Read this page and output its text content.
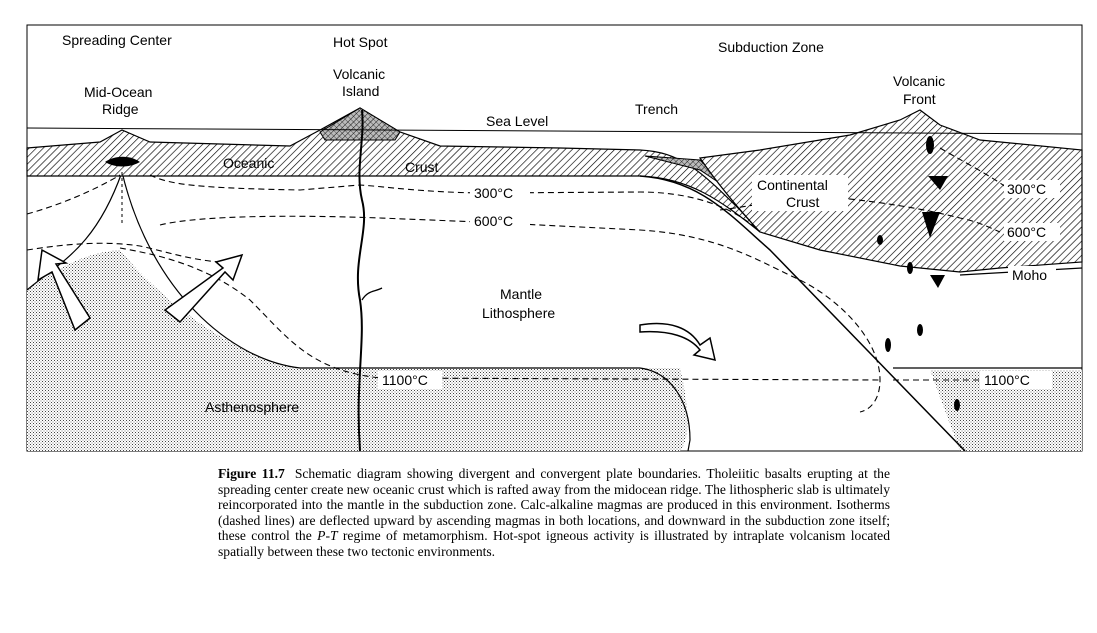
Spreading Center
Mid-Ocean
Ridge
Hot Spot
Volcanic
Island
Subduction Zone
Volcanic
Front
Sea Level
Trench
Oceanic	Crust
Continental
Crust
300°C
600°C
300°C
600°C
Moho
Mantle
Lithosphere
1100°C	1100°C
Asthenosphere
Figure 11.7 Schematic diagram showing divergent and convergent plate boundaries. Tholeiitic basalts erupting at the spreading center create new oceanic crust which is rafted away from the midocean ridge. The lithospheric slab is ultimately reincorporated into the mantle in the subduction zone. Calc-alkaline magmas are produced in this environment. Isotherms (dashed lines) are deflected upward by ascending magmas in both locations, and downward in the subduction zone itself; these control the P-T regime of metamorphism. Hot-spot igneous activity is illustrated by intraplate volcanism located spatially between these two tectonic environments.
